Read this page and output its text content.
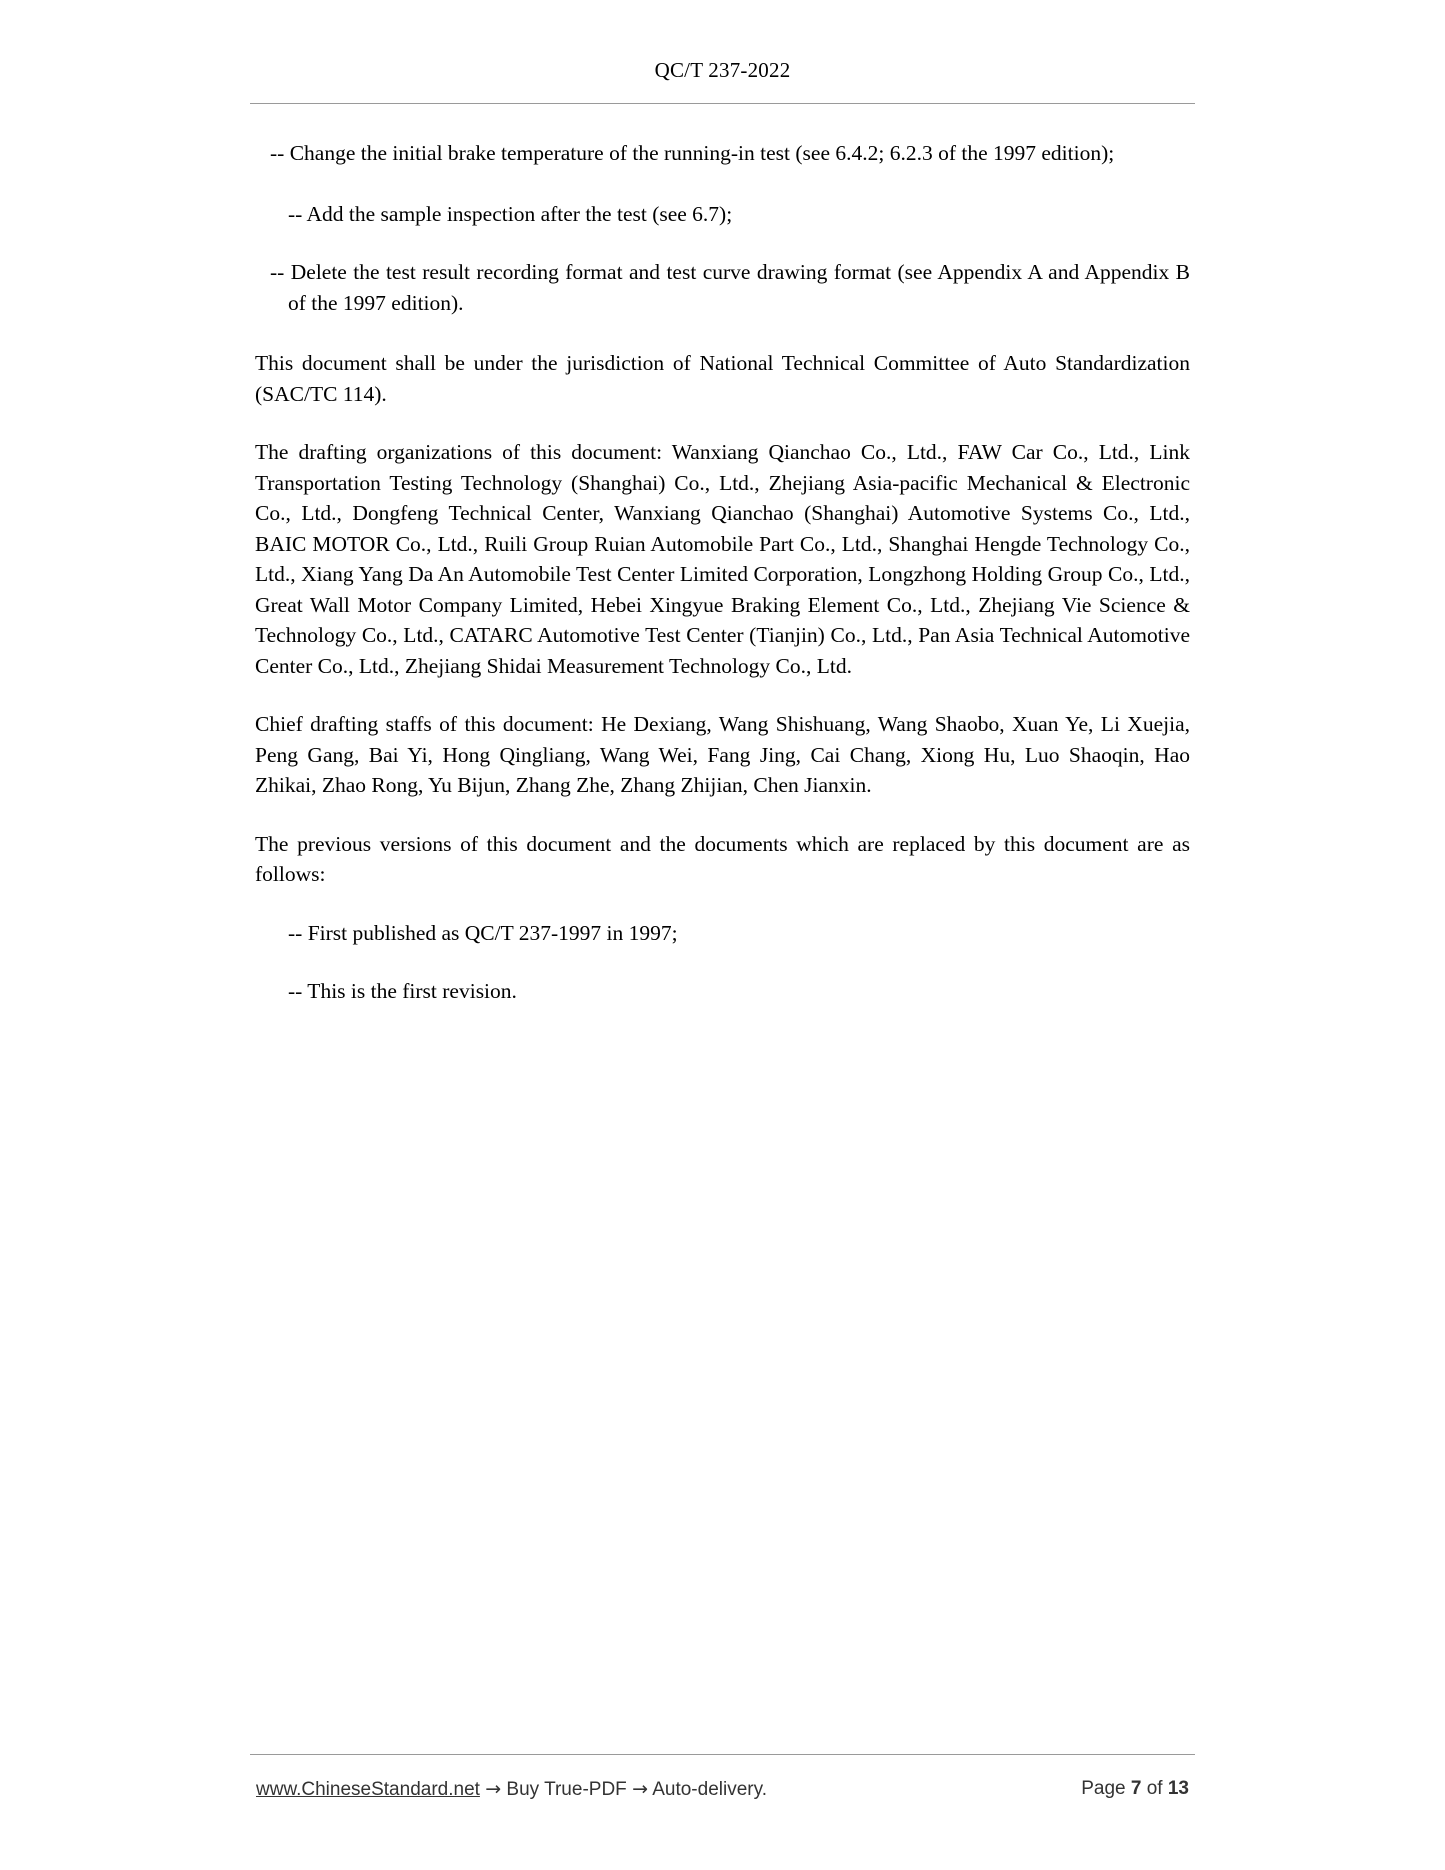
QC/T 237-2022

-- Change the initial brake temperature of the running-in test (see 6.4.2; 6.2.3 of the 1997 edition);

-- Add the sample inspection after the test (see 6.7);

-- Delete the test result recording format and test curve drawing format (see Appendix A and Appendix B of the 1997 edition).

This document shall be under the jurisdiction of National Technical Committee of Auto Standardization (SAC/TC 114).

The drafting organizations of this document: Wanxiang Qianchao Co., Ltd., FAW Car Co., Ltd., Link Transportation Testing Technology (Shanghai) Co., Ltd., Zhejiang Asia-pacific Mechanical & Electronic Co., Ltd., Dongfeng Technical Center, Wanxiang Qianchao (Shanghai) Automotive Systems Co., Ltd., BAIC MOTOR Co., Ltd., Ruili Group Ruian Automobile Part Co., Ltd., Shanghai Hengde Technology Co., Ltd., Xiang Yang Da An Automobile Test Center Limited Corporation, Longzhong Holding Group Co., Ltd., Great Wall Motor Company Limited, Hebei Xingyue Braking Element Co., Ltd., Zhejiang Vie Science & Technology Co., Ltd., CATARC Automotive Test Center (Tianjin) Co., Ltd., Pan Asia Technical Automotive Center Co., Ltd., Zhejiang Shidai Measurement Technology Co., Ltd.

Chief drafting staffs of this document: He Dexiang, Wang Shishuang, Wang Shaobo, Xuan Ye, Li Xuejia, Peng Gang, Bai Yi, Hong Qingliang, Wang Wei, Fang Jing, Cai Chang, Xiong Hu, Luo Shaoqin, Hao Zhikai, Zhao Rong, Yu Bijun, Zhang Zhe, Zhang Zhijian, Chen Jianxin.

The previous versions of this document and the documents which are replaced by this document are as follows:

-- First published as QC/T 237-1997 in 1997;

-- This is the first revision.

www.ChineseStandard.net → Buy True-PDF → Auto-delivery.	Page 7 of 13
